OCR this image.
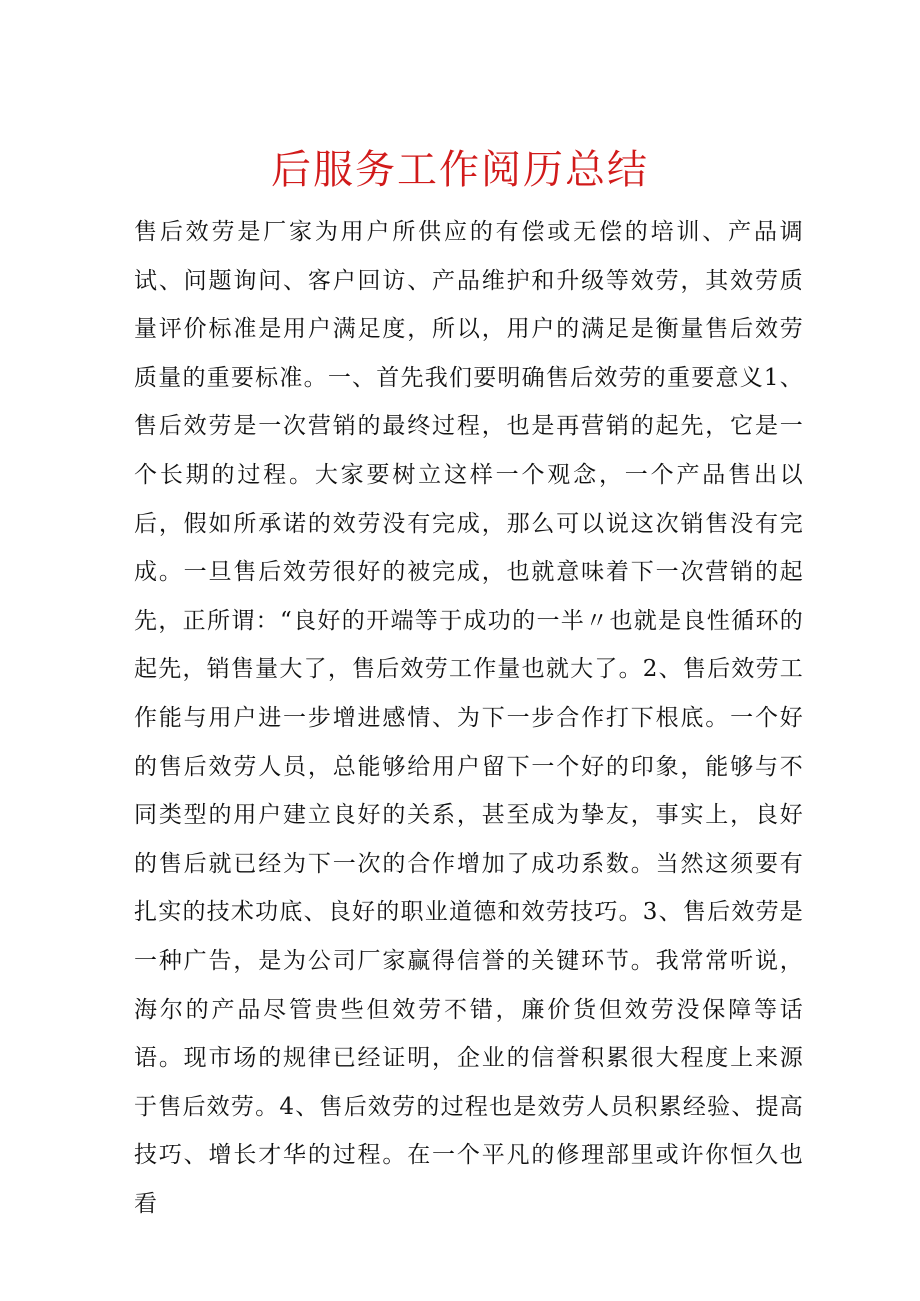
后服务工作阅历总结

售后效劳是厂家为用户所供应的有偿或无偿的培训、产品调试、问题询问、客户回访、产品维护和升级等效劳，其效劳质量评价标准是用户满足度，所以，用户的满足是衡量售后效劳质量的重要标准。一、首先我们要明确售后效劳的重要意义1、售后效劳是一次营销的最终过程，也是再营销的起先，它是一个长期的过程。大家要树立这样一个观念，一个产品售出以后，假如所承诺的效劳没有完成，那么可以说这次销售没有完成。一旦售后效劳很好的被完成，也就意味着下一次营销的起先，正所谓：“良好的开端等于成功的一半〃也就是良性循环的起先，销售量大了，售后效劳工作量也就大了。2、售后效劳工作能与用户进一步增进感情、为下一步合作打下根底。一个好的售后效劳人员，总能够给用户留下一个好的印象，能够与不同类型的用户建立良好的关系，甚至成为挚友，事实上，良好的售后就已经为下一次的合作增加了成功系数。当然这须要有扎实的技术功底、良好的职业道德和效劳技巧。3、售后效劳是一种广告，是为公司厂家赢得信誉的关键环节。我常常听说，海尔的产品尽管贵些但效劳不错，廉价货但效劳没保障等话语。现市场的规律已经证明，企业的信誉积累很大程度上来源于售后效劳。4、售后效劳的过程也是效劳人员积累经验、提高技巧、增长才华的过程。在一个平凡的修理部里或许你恒久也看
